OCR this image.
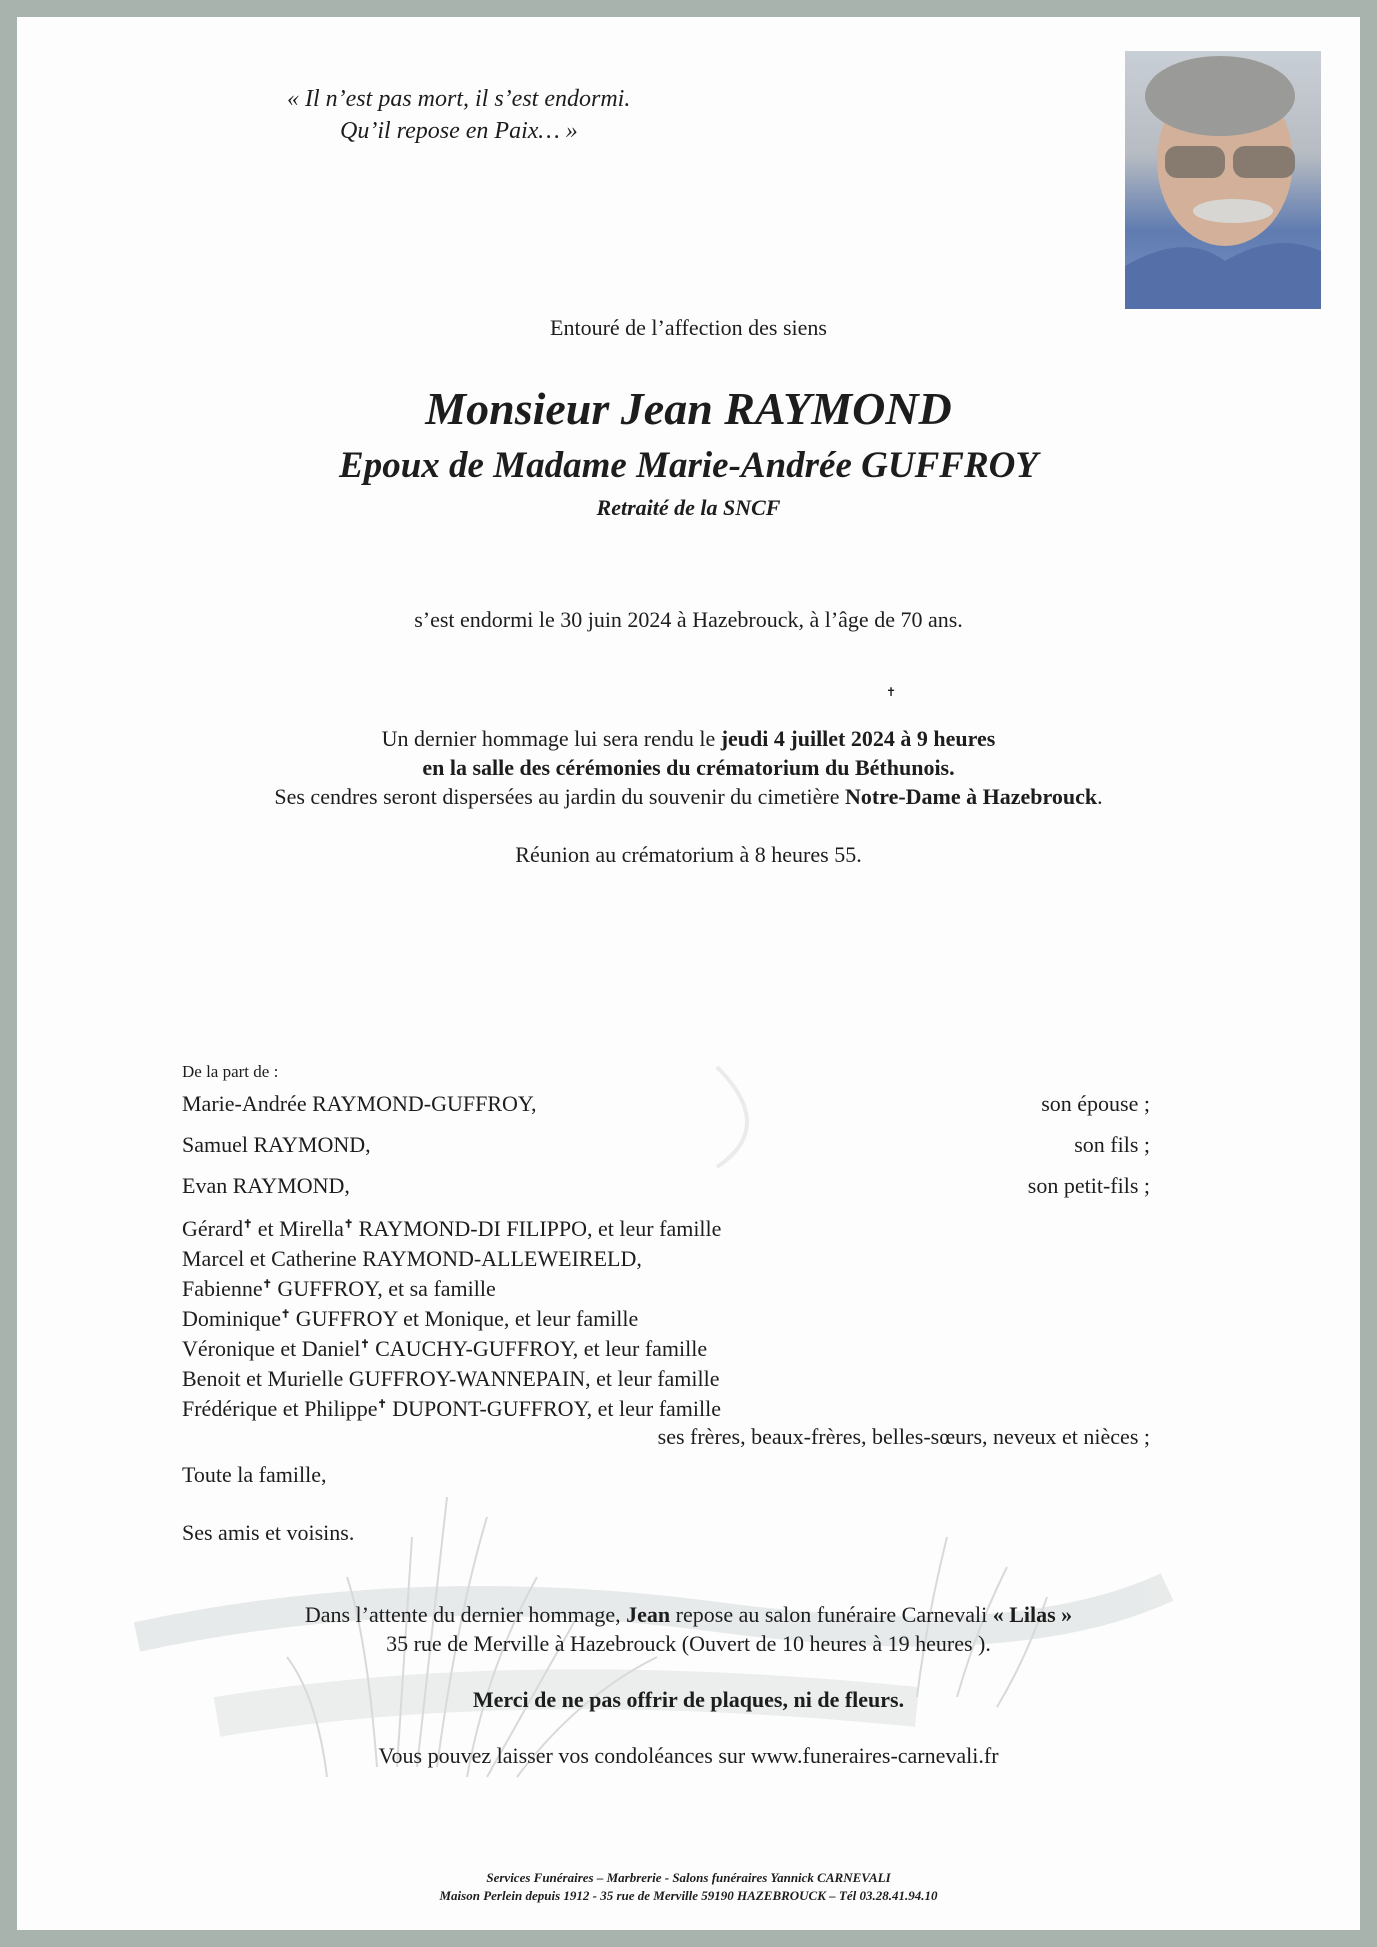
« Il n’est pas mort, il s’est endormi.
Qu’il repose en Paix… »
Entouré de l’affection des siens
Monsieur Jean RAYMOND
Epoux de Madame Marie-Andrée GUFFROY
Retraité de la SNCF
s’est endormi le 30 juin 2024 à Hazebrouck, à l’âge de 70 ans.
✝
Un dernier hommage lui sera rendu le jeudi 4 juillet 2024 à 9 heures
en la salle des cérémonies du crématorium du Béthunois.
Ses cendres seront dispersées au jardin du souvenir du cimetière Notre-Dame à Hazebrouck.
Réunion au crématorium à 8 heures 55.
De la part de :
Marie-Andrée RAYMOND-GUFFROY,	son épouse ;
Samuel RAYMOND,	son fils ;
Evan RAYMOND,	son petit-fils ;
Gérard✝ et Mirella✝ RAYMOND-DI FILIPPO, et leur famille
Marcel et Catherine RAYMOND-ALLEWEIRELD,
Fabienne✝ GUFFROY, et sa famille
Dominique✝ GUFFROY et Monique, et leur famille
Véronique et Daniel✝ CAUCHY-GUFFROY, et leur famille
Benoit et Murielle GUFFROY-WANNEPAIN, et leur famille
Frédérique et Philippe✝ DUPONT-GUFFROY, et leur famille
ses frères, beaux-frères, belles-sœurs, neveux et nièces ;
Toute la famille,
Ses amis et voisins.
Dans l’attente du dernier hommage, Jean repose au salon funéraire Carnevali « Lilas »
35 rue de Merville à Hazebrouck (Ouvert de 10 heures à 19 heures ).
Merci de ne pas offrir de plaques, ni de fleurs.
Vous pouvez laisser vos condoléances sur www.funeraires-carnevali.fr
Services Funéraires – Marbrerie - Salons funéraires Yannick CARNEVALI
Maison Perlein depuis 1912 - 35 rue de Merville 59190 HAZEBROUCK – Tél 03.28.41.94.10
